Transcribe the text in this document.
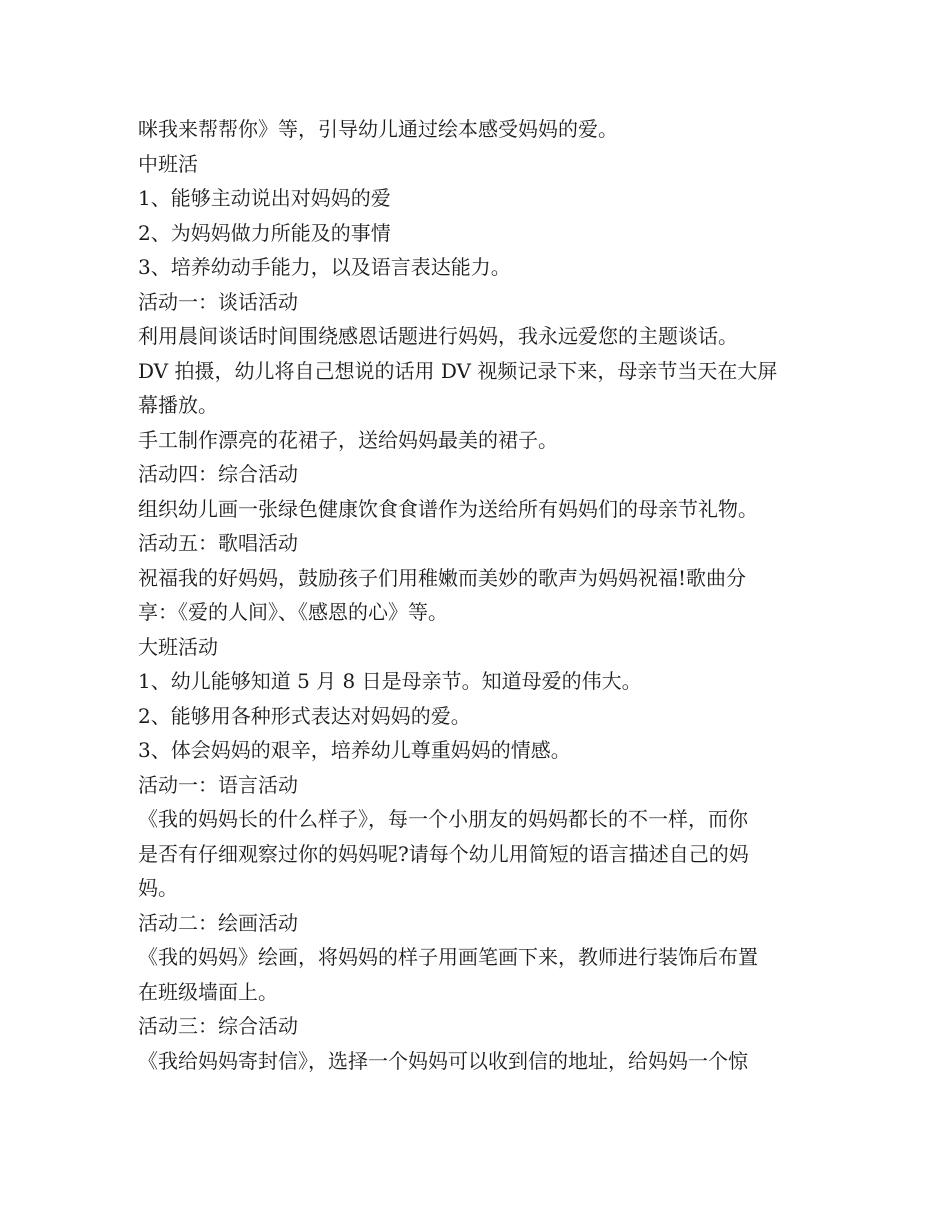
咪我来帮帮你》等，引导幼儿通过绘本感受妈妈的爱。
中班活
1、能够主动说出对妈妈的爱
2、为妈妈做力所能及的事情
3、培养幼动手能力，以及语言表达能力。
活动一：谈话活动
利用晨间谈话时间围绕感恩话题进行妈妈，我永远爱您的主题谈话。
DV 拍摄，幼儿将自己想说的话用 DV 视频记录下来，母亲节当天在大屏
幕播放。
手工制作漂亮的花裙子，送给妈妈最美的裙子。
活动四：综合活动
组织幼儿画一张绿色健康饮食食谱作为送给所有妈妈们的母亲节礼物。
活动五：歌唱活动
祝福我的好妈妈，鼓励孩子们用稚嫩而美妙的歌声为妈妈祝福!歌曲分
享：《爱的人间》、《感恩的心》等。
大班活动
1、幼儿能够知道 5 月 8 日是母亲节。知道母爱的伟大。
2、能够用各种形式表达对妈妈的爱。
3、体会妈妈的艰辛，培养幼儿尊重妈妈的情感。
活动一：语言活动
《我的妈妈长的什么样子》，每一个小朋友的妈妈都长的不一样，而你
是否有仔细观察过你的妈妈呢?请每个幼儿用简短的语言描述自己的妈
妈。
活动二：绘画活动
《我的妈妈》绘画，将妈妈的样子用画笔画下来，教师进行装饰后布置
在班级墙面上。
活动三：综合活动
《我给妈妈寄封信》，选择一个妈妈可以收到信的地址，给妈妈一个惊
